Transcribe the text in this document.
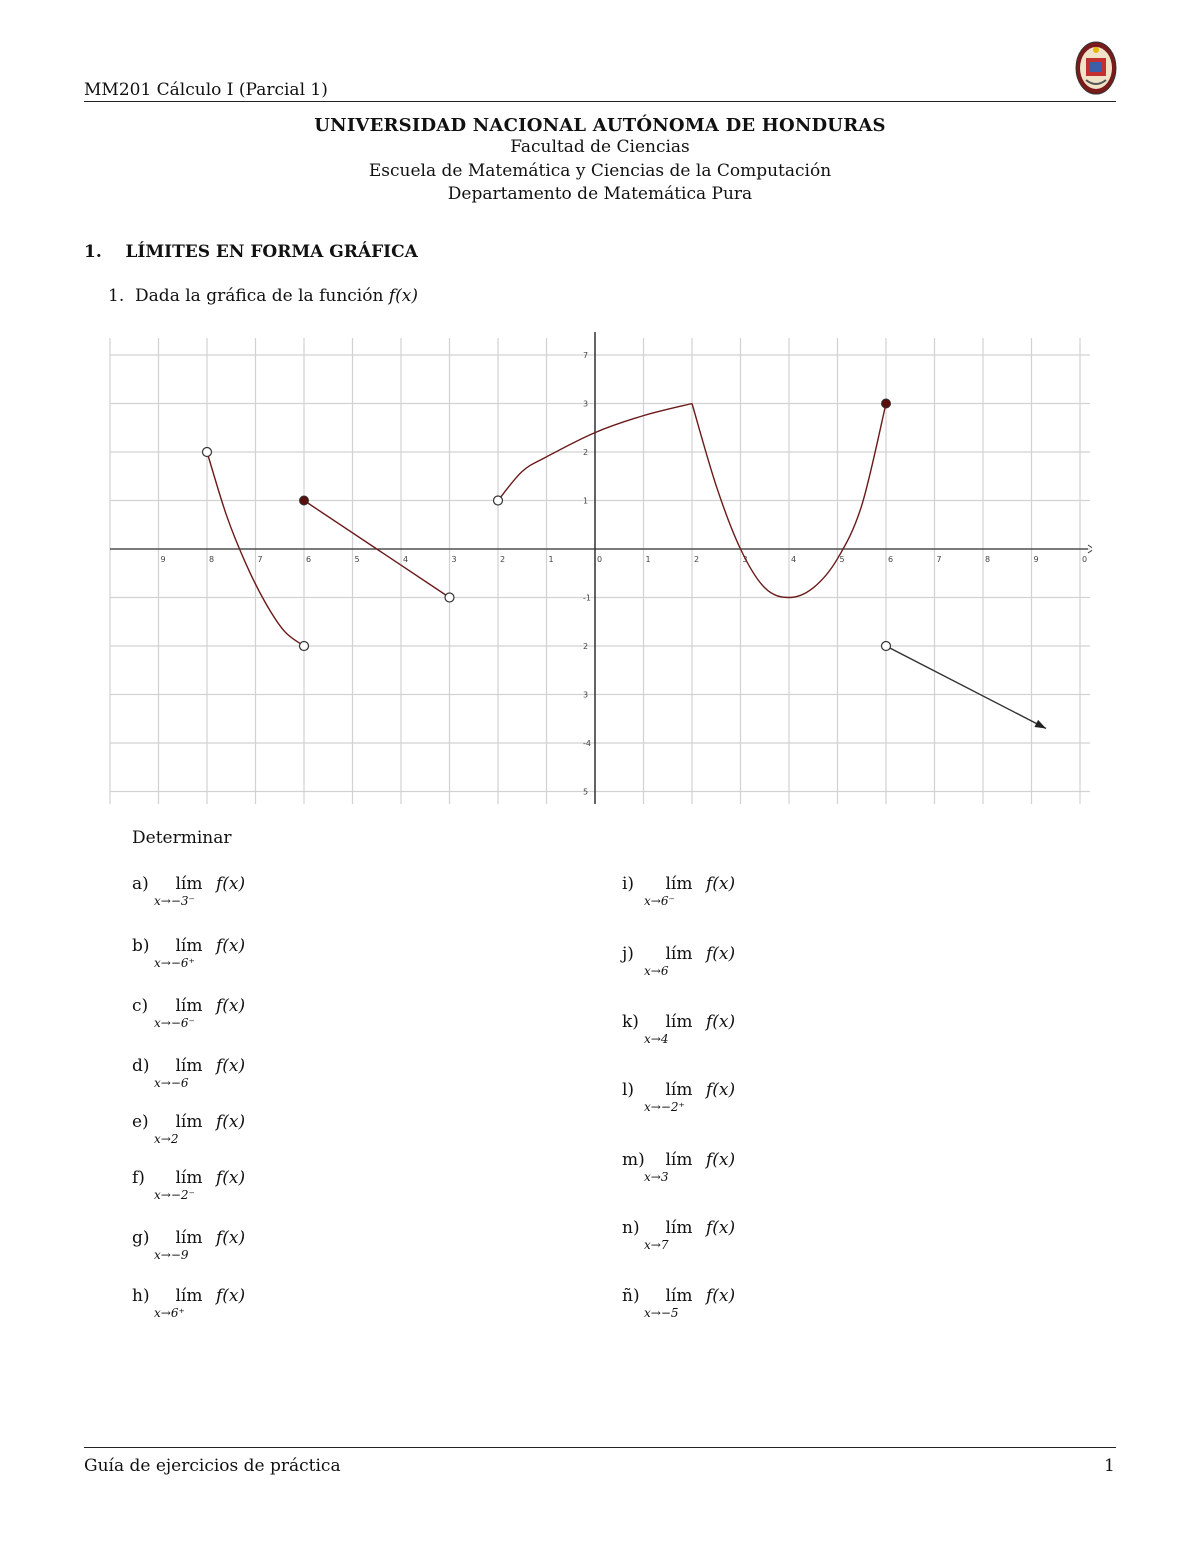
MM201 Cálculo I (Parcial 1)
UNIVERSIDAD NACIONAL AUTÓNOMA DE HONDURAS
Facultad de Ciencias
Escuela de Matemática y Ciencias de la Computación
Departamento de Matemática Pura
1. LÍMITES EN FORMA GRÁFICA
1. Dada la gráfica de la función f(x)
9	8	7	6	5	4	3	2	1	0	1	2	3	4	5	6	7	8	9	0
7
3
2
1
-1
2
3
-4
5
Determinar
a) lím
x→−3⁻
f(x)
b) lím
x→−6⁺
f(x)
c) lím
x→−6⁻
f(x)
d) lím
x→−6
f(x)
e) lím
x→2
f(x)
f) lím
x→−2⁻
f(x)
g) lím
x→−9
f(x)
h) lím
x→6⁺
f(x)
i) lím
x→6⁻
f(x)
j) lím
x→6
f(x)
k) lím
x→4
f(x)
l) lím
x→−2⁺
f(x)
m) lím
x→3
f(x)
n) lím
x→7
f(x)
ñ) lím
x→−5
f(x)
Guía de ejercicios de práctica	1
